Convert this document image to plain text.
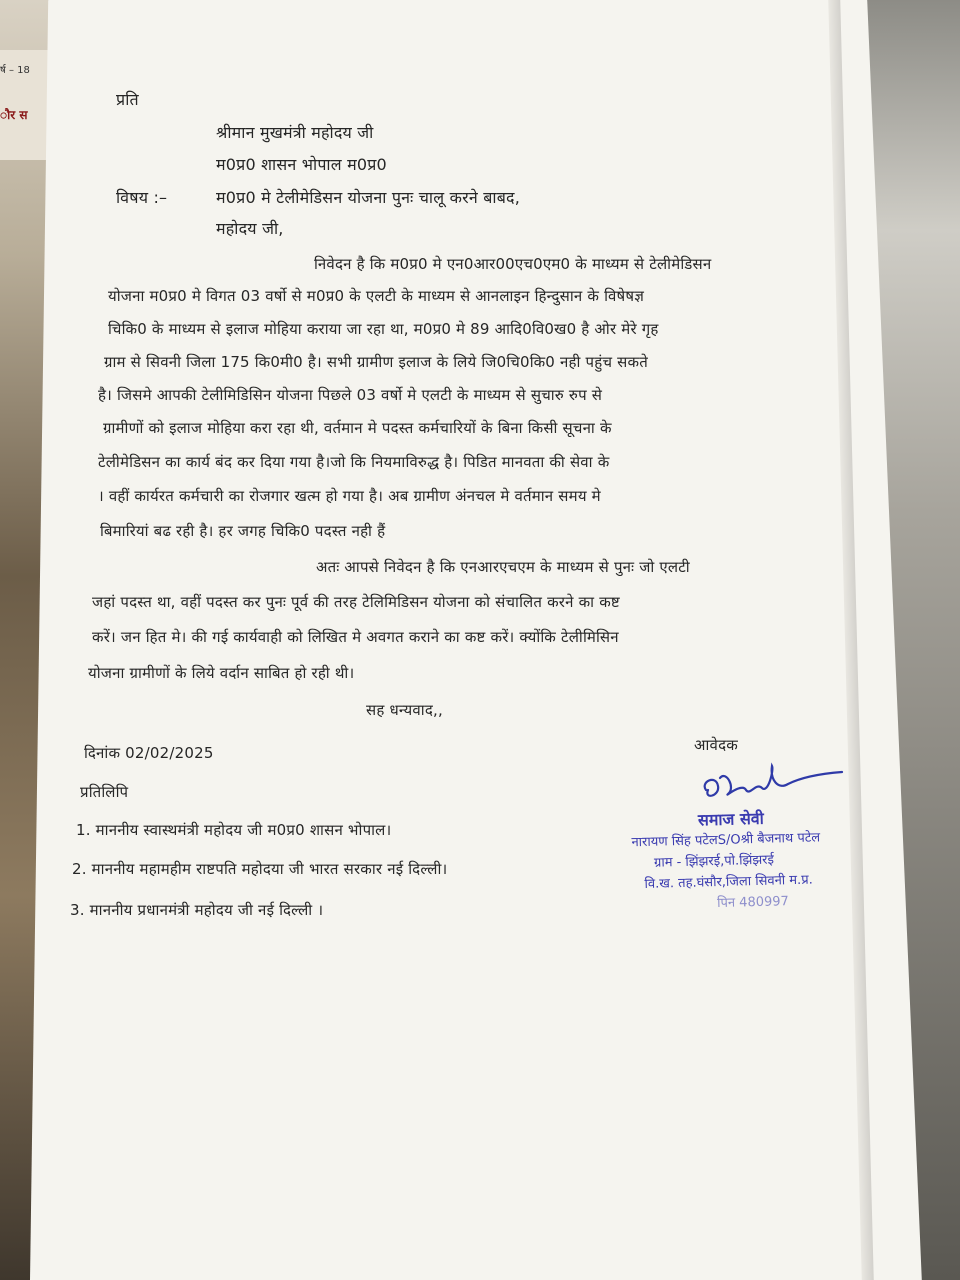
र्ष – 18
ौर स
प्रति
श्रीमान मुखमंत्री महोदय जी
म0प्र0 शासन भोपाल म0प्र0
विषय :–	म0प्र0 मे टेलीमेडिसन योजना पुनः चालू करने बाबद,
महोदय जी,
निवेदन है कि म0प्र0 मे एन0आर00एच0एम0 के माध्यम से टेलीमेडिसन
योजना म0प्र0 मे विगत 03 वर्षो से म0प्र0 के एलटी के माध्यम से आनलाइन हिन्दुसान के विषेषज्ञ
चिकि0 के माध्यम से इलाज मोहिया कराया जा रहा था, म0प्र0 मे 89 आदि0वि0ख0 है ओर मेरे गृह
ग्राम से सिवनी जिला 175 कि0मी0 है। सभी ग्रामीण इलाज के लिये जि0चि0कि0 नही पहुंच सकते
है। जिसमे आपकी टेलीमिडिसिन योजना पिछले 03 वर्षो मे एलटी के माध्यम से सुचारु रुप से
ग्रामीणों को इलाज मोहिया करा रहा थी, वर्तमान मे पदस्त कर्मचारियों के बिना किसी सूचना के
टेलीमेडिसन का कार्य बंद कर दिया गया है।जो कि नियमाविरुद्ध है। पिडित मानवता की सेवा के
। वहीं कार्यरत कर्मचारी का रोजगार खत्म हो गया है। अब ग्रामीण अंनचल मे वर्तमान समय मे
बिमारियां बढ रही है। हर जगह चिकि0 पदस्त नही हैं
अतः आपसे निवेदन है कि एनआरएचएम के माध्यम से पुनः जो एलटी
जहां पदस्त था, वहीं पदस्त कर पुनः पूर्व की तरह टेलिमिडिसन योजना को संचालित करने का कष्ट
करें। जन हित मे। की गई कार्यवाही को लिखित मे अवगत कराने का कष्ट करें। क्योंकि टेलीमिसिन
योजना ग्रामीणों के लिये वर्दान साबित हो रही थी।
सह धन्यवाद,,
आवेदक
दिनांक 02/02/2025
प्रतिलिपि
1. माननीय स्वास्थमंत्री महोदय जी म0प्र0 शासन भोपाल।
2. माननीय महामहीम राष्टपति महोदया जी भारत सरकार नई दिल्ली।
3. माननीय प्रधानमंत्री महोदय जी नई दिल्ली ।
समाज सेवी
नारायण सिंह पटेलS/Oश्री बैजनाथ पटेल
ग्राम - झिंझरई,पो.झिंझरई
वि.ख. तह.घंसौर,जिला सिवनी म.प्र.
पिन 480997
